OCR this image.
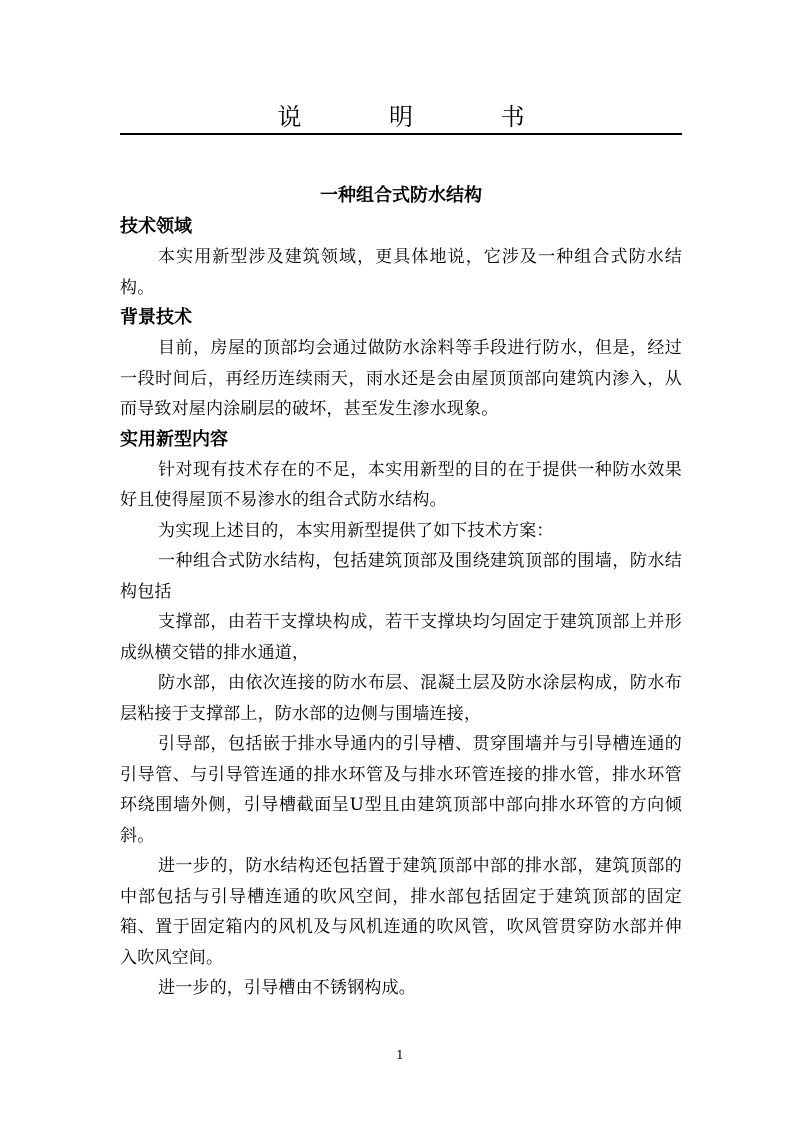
说	明	书
一种组合式防水结构
技术领域

本实用新型涉及建筑领域，更具体地说，它涉及一种组合式防水结构。

背景技术

目前，房屋的顶部均会通过做防水涂料等手段进行防水，但是，经过一段时间后，再经历连续雨天，雨水还是会由屋顶顶部向建筑内渗入，从而导致对屋内涂刷层的破坏，甚至发生渗水现象。

实用新型内容

针对现有技术存在的不足，本实用新型的目的在于提供一种防水效果好且使得屋顶不易渗水的组合式防水结构。

为实现上述目的，本实用新型提供了如下技术方案：

一种组合式防水结构，包括建筑顶部及围绕建筑顶部的围墙，防水结构包括

支撑部，由若干支撑块构成，若干支撑块均匀固定于建筑顶部上并形成纵横交错的排水通道，

防水部，由依次连接的防水布层、混凝土层及防水涂层构成，防水布层粘接于支撑部上，防水部的边侧与围墙连接，

引导部，包括嵌于排水导通内的引导槽、贯穿围墙并与引导槽连通的引导管、与引导管连通的排水环管及与排水环管连接的排水管，排水环管环绕围墙外侧，引导槽截面呈U型且由建筑顶部中部向排水环管的方向倾斜。

进一步的，防水结构还包括置于建筑顶部中部的排水部，建筑顶部的中部包括与引导槽连通的吹风空间，排水部包括固定于建筑顶部的固定箱、置于固定箱内的风机及与风机连通的吹风管，吹风管贯穿防水部并伸入吹风空间。

进一步的，引导槽由不锈钢构成。

1
